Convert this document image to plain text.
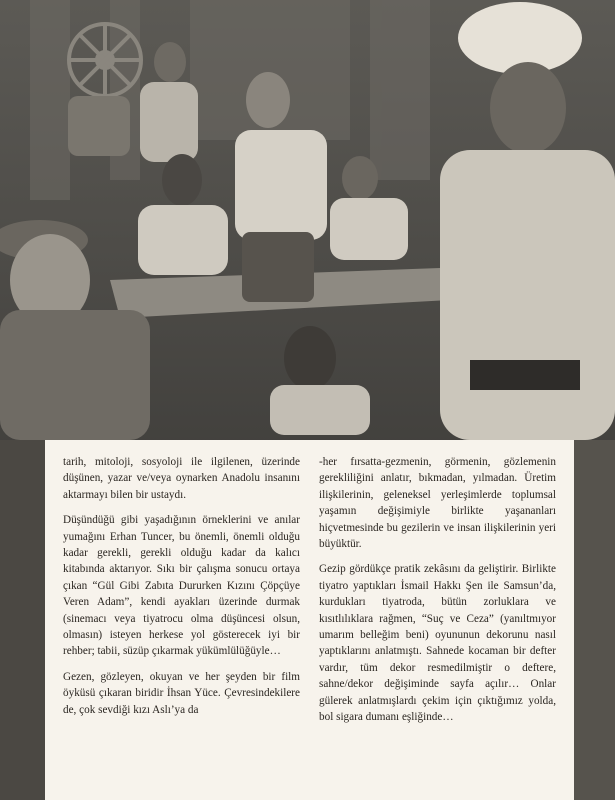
tarih, mitoloji, sosyoloji ile ilgilenen, üzerinde düşünen, yazar ve/veya oynarken Anadolu insanını aktarmayı bilen bir ustaydı.

Düşündüğü gibi yaşadığının örneklerini ve anılar yumağını Erhan Tuncer, bu önemli, önemli olduğu kadar gerekli, gerekli olduğu kadar da kalıcı kitabında aktarıyor. Sıkı bir çalışma sonucu ortaya çıkan “Gül Gibi Zabıta Dururken Kızını Çöpçüye Veren Adam”, kendi ayakları üzerinde durmak (sinemacı veya tiyatrocu olma düşüncesi olsun, olmasın) isteyen herkese yol gösterecek iyi bir rehber; tabii, süzüp çıkarmak yükümlülüğüyle…

Gezen, gözleyen, okuyan ve her şeyden bir film öyküsü çıkaran biridir İhsan Yüce. Çevresindekilere de, çok sevdiği kızı Aslı’ya da

-her fırsatta-gezmenin, görmenin, gözlemenin gerekliliğini anlatır, bıkmadan, yılmadan. Üretim ilişkilerinin, geleneksel yerleşimlerde toplumsal yaşamın değişimiyle birlikte yaşananları hiçvetmesinde bu gezilerin ve insan ilişkilerinin yeri büyüktür.

Gezip gördükçe pratik zekâsını da geliştirir. Birlikte tiyatro yaptıkları İsmail Hakkı Şen ile Samsun’da, kurdukları tiyatroda, bütün zorluklara ve kısıtlılıklara rağmen, “Suç ve Ceza” (yanıltmıyor umarım belleğim beni) oyununun dekorunu nasıl yaptıklarını anlatmıştı. Sahnede kocaman bir defter vardır, tüm dekor resmedilmiştir o deftere, sahne/dekor değişiminde sayfa açılır… Onlar gülerek anlatmışlardı çekim için çıktığımız yolda, bol sigara dumanı eşliğinde…
